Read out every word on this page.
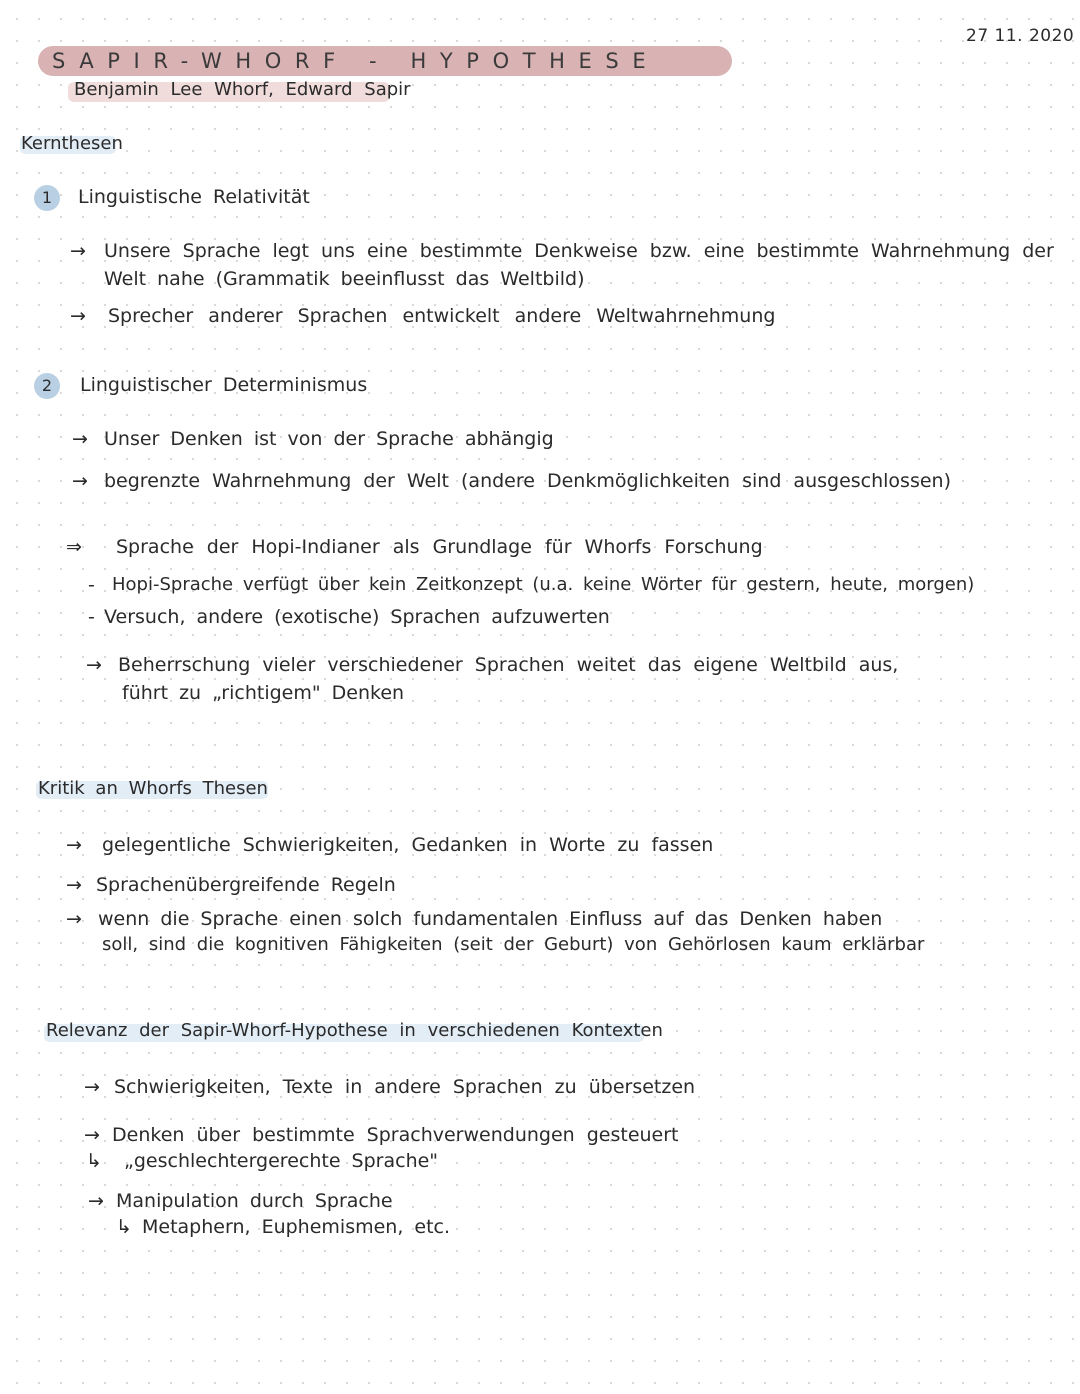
27 11. 2020
SAPIR-WHORF - HYPOTHESE
Benjamin Lee Whorf, Edward Sapir
Kernthesen
1	Linguistische Relativität
→ Unsere Sprache legt uns eine bestimmte Denkweise bzw. eine bestimmte Wahrnehmung der
Welt nahe (Grammatik beeinflusst das Weltbild)
→ Sprecher anderer Sprachen entwickelt andere Weltwahrnehmung
2	Linguistischer Determinismus
→ Unser Denken ist von der Sprache abhängig
→ begrenzte Wahrnehmung der Welt (andere Denkmöglichkeiten sind ausgeschlossen)
⇒ Sprache der Hopi-Indianer als Grundlage für Whorfs Forschung
- Hopi-Sprache verfügt über kein Zeitkonzept (u.a. keine Wörter für gestern, heute, morgen)
- Versuch, andere (exotische) Sprachen aufzuwerten
→ Beherrschung vieler verschiedener Sprachen weitet das eigene Weltbild aus,
führt zu „richtigem" Denken
Kritik an Whorfs Thesen
→ gelegentliche Schwierigkeiten, Gedanken in Worte zu fassen
→ Sprachenübergreifende Regeln
→ wenn die Sprache einen solch fundamentalen Einfluss auf das Denken haben
soll, sind die kognitiven Fähigkeiten (seit der Geburt) von Gehörlosen kaum erklärbar
Relevanz der Sapir-Whorf-Hypothese in verschiedenen Kontexten
→ Schwierigkeiten, Texte in andere Sprachen zu übersetzen
→ Denken über bestimmte Sprachverwendungen gesteuert
↳ „geschlechtergerechte Sprache"
→ Manipulation durch Sprache
↳ Metaphern, Euphemismen, etc.
